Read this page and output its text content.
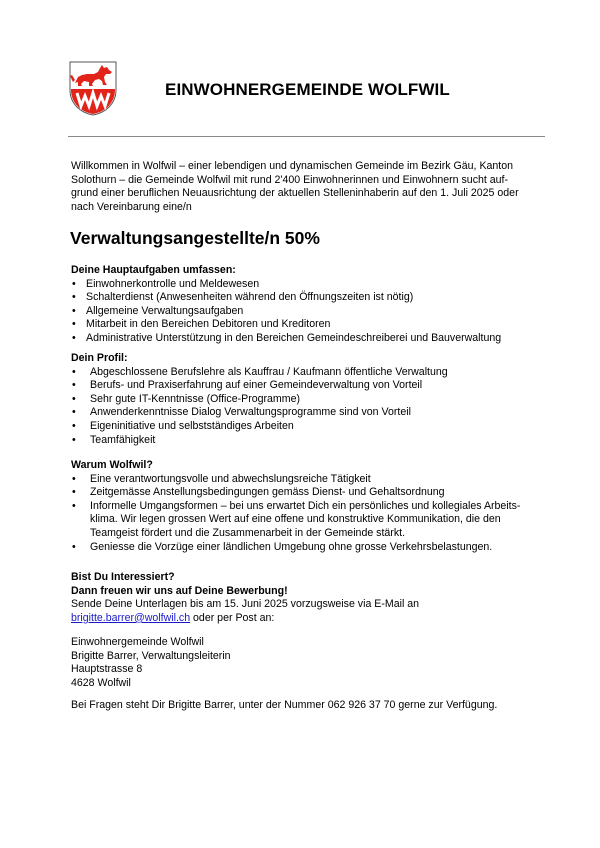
EINWOHNERGEMEINDE WOLFWIL
Willkommen in Wolfwil – einer lebendigen und dynamischen Gemeinde im Bezirk Gäu, Kanton
Solothurn – die Gemeinde Wolfwil mit rund 2'400 Einwohnerinnen und Einwohnern sucht auf-
grund einer beruflichen Neuausrichtung der aktuellen Stelleninhaberin auf den 1. Juli 2025 oder
nach Vereinbarung eine/n
Verwaltungsangestellte/n 50%
Deine Hauptaufgaben umfassen:
• Einwohnerkontrolle und Meldewesen
• Schalterdienst (Anwesenheiten während den Öffnungszeiten ist nötig)
• Allgemeine Verwaltungsaufgaben
• Mitarbeit in den Bereichen Debitoren und Kreditoren
• Administrative Unterstützung in den Bereichen Gemeindeschreiberei und Bauverwaltung
Dein Profil:
• Abgeschlossene Berufslehre als Kauffrau / Kaufmann öffentliche Verwaltung
• Berufs- und Praxiserfahrung auf einer Gemeindeverwaltung von Vorteil
• Sehr gute IT-Kenntnisse (Office-Programme)
• Anwenderkenntnisse Dialog Verwaltungsprogramme sind von Vorteil
• Eigeninitiative und selbstständiges Arbeiten
• Teamfähigkeit
Warum Wolfwil?
• Eine verantwortungsvolle und abwechslungsreiche Tätigkeit
• Zeitgemässe Anstellungsbedingungen gemäss Dienst- und Gehaltsordnung
• Informelle Umgangsformen – bei uns erwartet Dich ein persönliches und kollegiales Arbeits-
klima. Wir legen grossen Wert auf eine offene und konstruktive Kommunikation, die den
Teamgeist fördert und die Zusammenarbeit in der Gemeinde stärkt.
• Geniesse die Vorzüge einer ländlichen Umgebung ohne grosse Verkehrsbelastungen.
Bist Du Interessiert?
Dann freuen wir uns auf Deine Bewerbung!
Sende Deine Unterlagen bis am 15. Juni 2025 vorzugsweise via E-Mail an
brigitte.barrer@wolfwil.ch oder per Post an:
Einwohnergemeinde Wolfwil
Brigitte Barrer, Verwaltungsleiterin
Hauptstrasse 8
4628 Wolfwil
Bei Fragen steht Dir Brigitte Barrer, unter der Nummer 062 926 37 70 gerne zur Verfügung.
